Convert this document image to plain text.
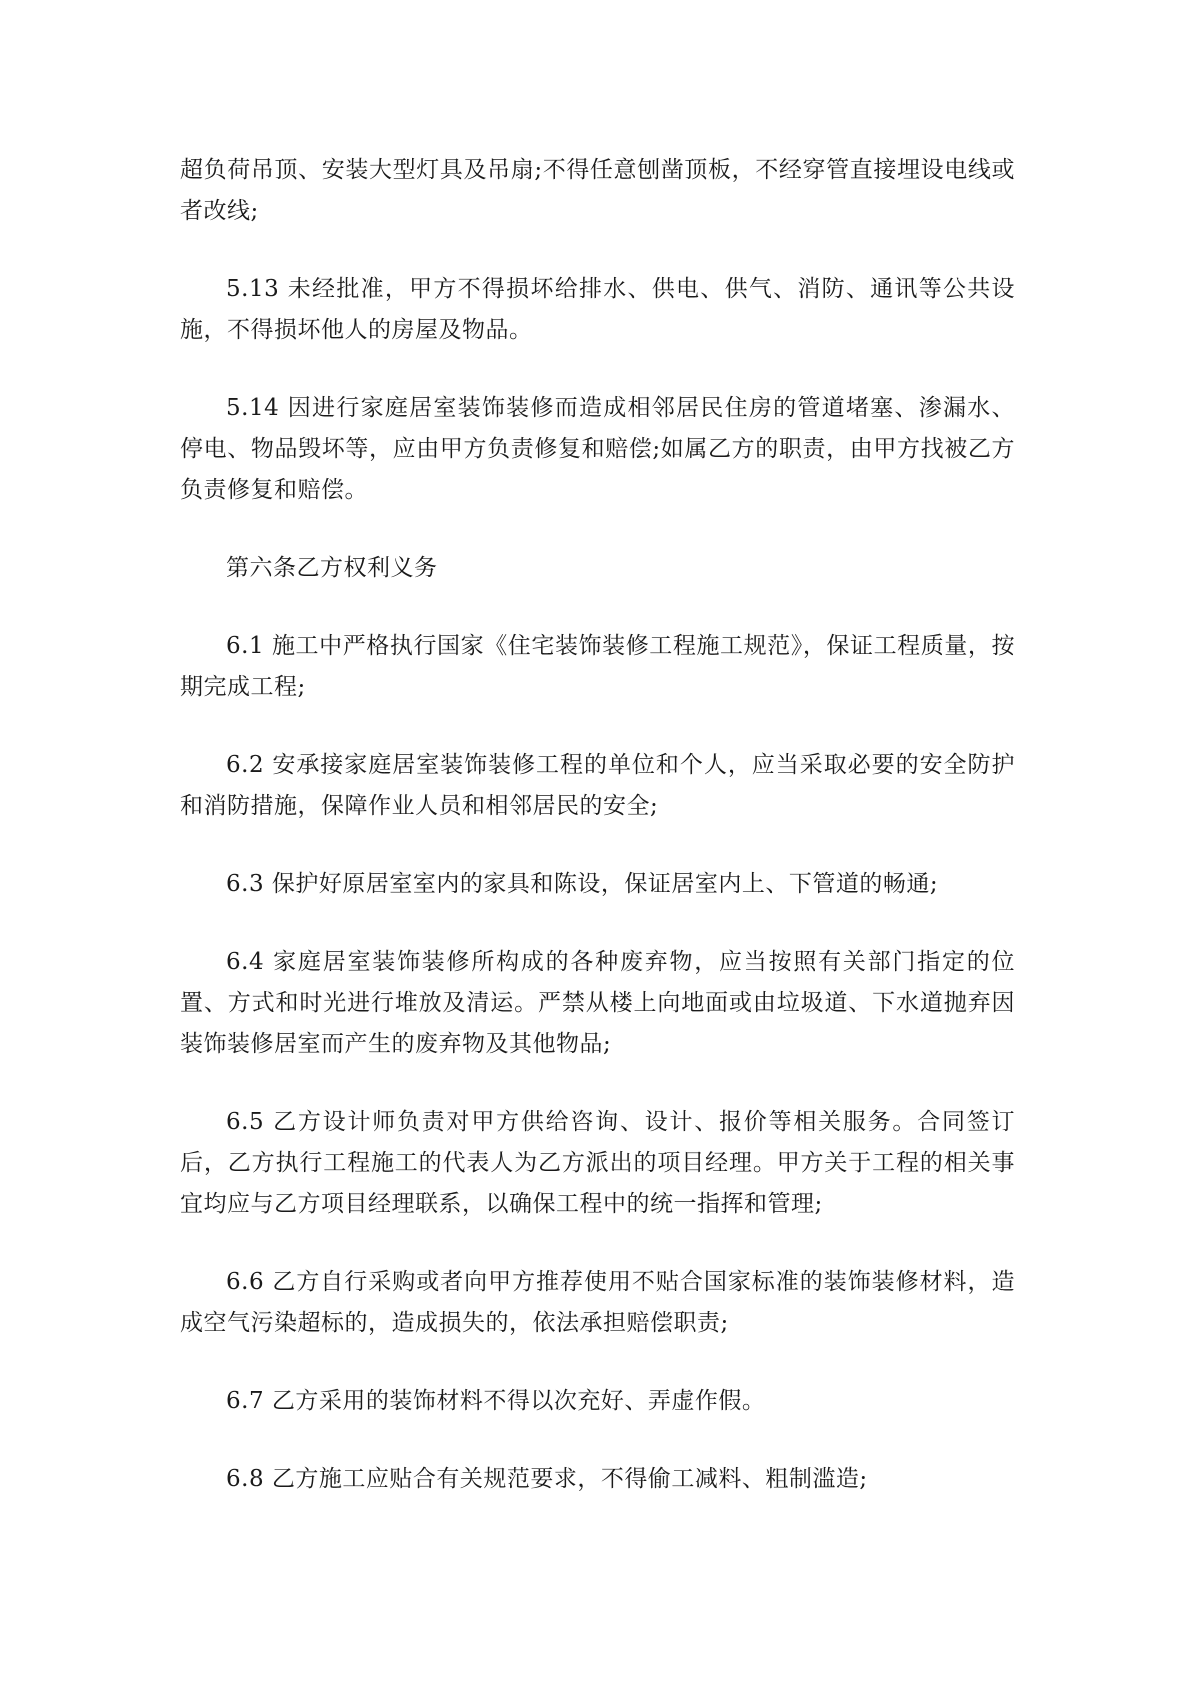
超负荷吊顶、安装大型灯具及吊扇;不得任意刨凿顶板，不经穿管直接埋设电线或者改线;

5.13 未经批准，甲方不得损坏给排水、供电、供气、消防、通讯等公共设施，不得损坏他人的房屋及物品。

5.14 因进行家庭居室装饰装修而造成相邻居民住房的管道堵塞、渗漏水、停电、物品毁坏等，应由甲方负责修复和赔偿;如属乙方的职责，由甲方找被乙方负责修复和赔偿。

第六条乙方权利义务

6.1 施工中严格执行国家《住宅装饰装修工程施工规范》，保证工程质量，按期完成工程;

6.2 安承接家庭居室装饰装修工程的单位和个人，应当采取必要的安全防护和消防措施，保障作业人员和相邻居民的安全;

6.3 保护好原居室室内的家具和陈设，保证居室内上、下管道的畅通;

6.4 家庭居室装饰装修所构成的各种废弃物，应当按照有关部门指定的位置、方式和时光进行堆放及清运。严禁从楼上向地面或由垃圾道、下水道抛弃因装饰装修居室而产生的废弃物及其他物品;

6.5 乙方设计师负责对甲方供给咨询、设计、报价等相关服务。合同签订后，乙方执行工程施工的代表人为乙方派出的项目经理。甲方关于工程的相关事宜均应与乙方项目经理联系，以确保工程中的统一指挥和管理;

6.6 乙方自行采购或者向甲方推荐使用不贴合国家标准的装饰装修材料，造成空气污染超标的，造成损失的，依法承担赔偿职责;

6.7 乙方采用的装饰材料不得以次充好、弄虚作假。

6.8 乙方施工应贴合有关规范要求，不得偷工减料、粗制滥造;
